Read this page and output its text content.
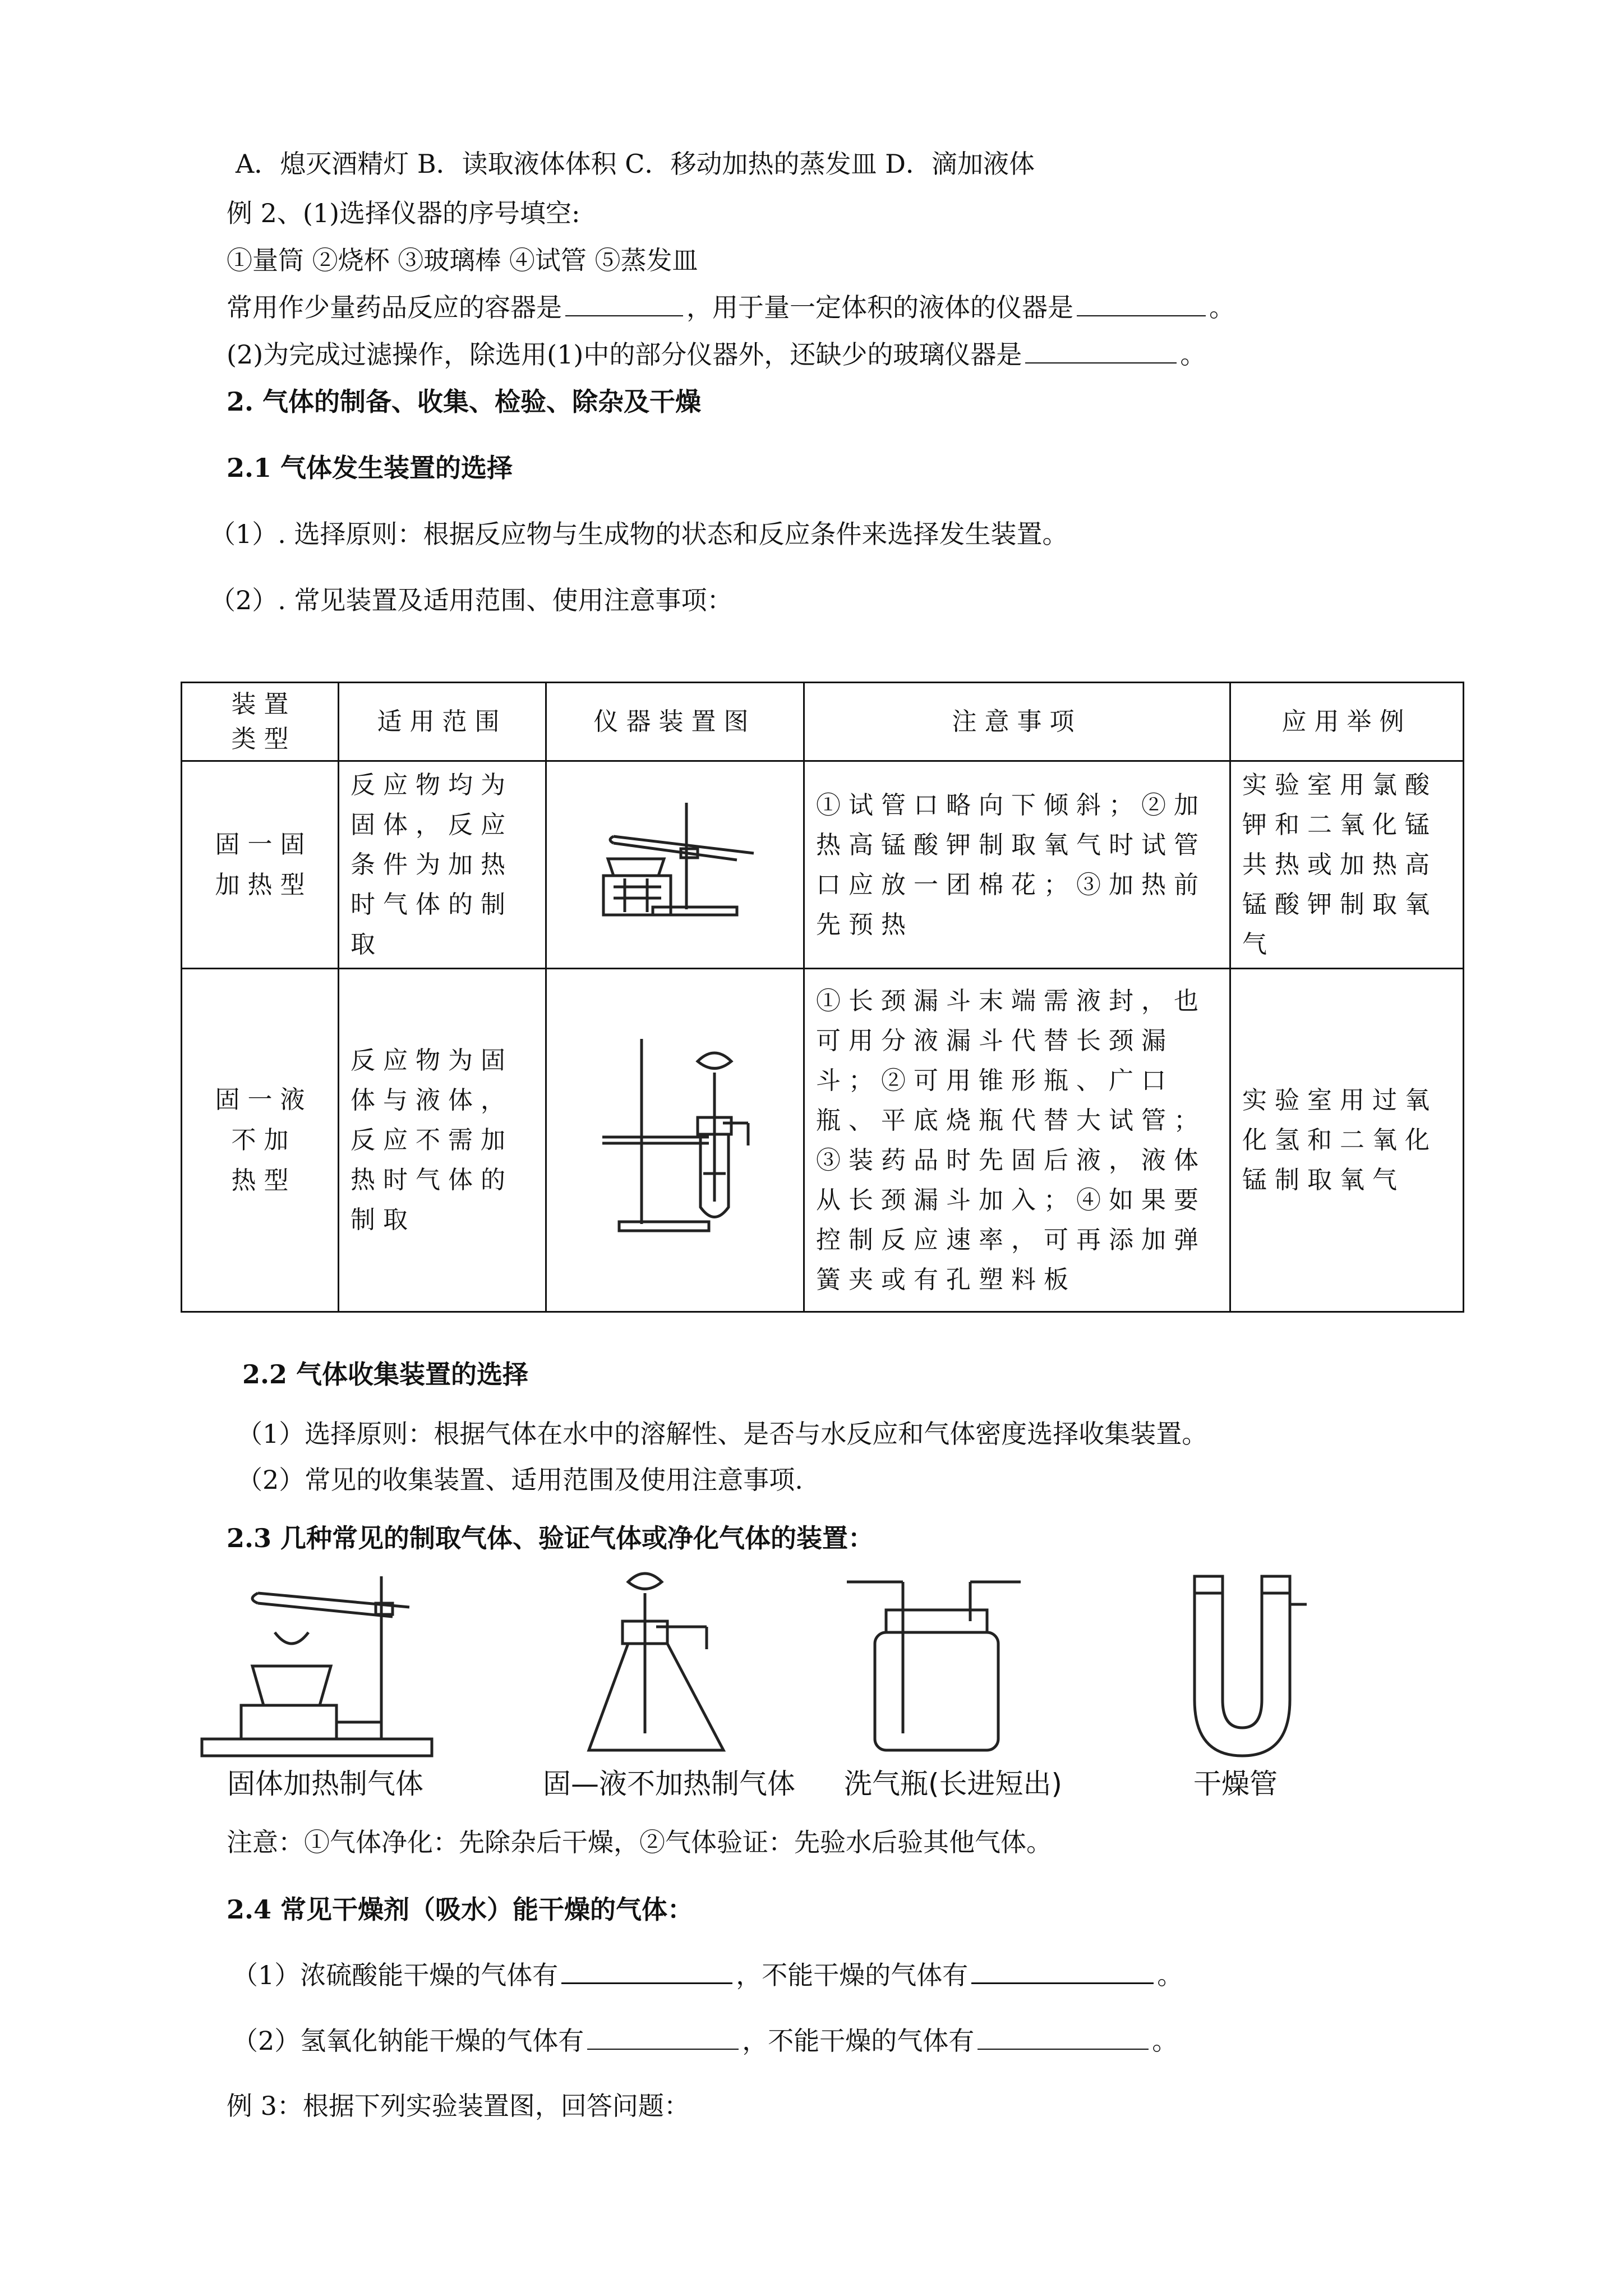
A．熄灭酒精灯 B．读取液体体积 C．移动加热的蒸发皿 D．滴加液体
例 2、(1)选择仪器的序号填空:
①量筒 ②烧杯 ③玻璃棒 ④试管 ⑤蒸发皿
常用作少量药品反应的容器是	，用于量一定体积的液体的仪器是	。
(2)为完成过滤操作，除选用(1)中的部分仪器外，还缺少的玻璃仪器是	。
2. 气体的制备、收集、检验、除杂及干燥
2.1 气体发生装置的选择
（1）. 选择原则：根据反应物与生成物的状态和反应条件来选择发生装置。
（2）. 常见装置及适用范围、使用注意事项：
装 置
类 型	适用范围	仪器装置图	注意事项	应用举例

固 一 固
加 热 型	反应物均为固体，反应条件为加热时气体的制取		①试管口略向下倾斜；②加热高锰酸钾制取氧气时试管口应放一团棉花；③加热前先预热	实验室用氯酸钾和二氧化锰共热或加热高锰酸钾制取氧气

固 一 液
不 加
热 型	反应物为固体与液体，反应不需加热时气体的制取		①长颈漏斗末端需液封，也可用分液漏斗代替长颈漏斗；②可用锥形瓶、广口瓶、平底烧瓶代替大试管；③装药品时先固后液，液体从长颈漏斗加入；④如果要控制反应速率，可再添加弹簧夹或有孔塑料板	实验室用过氧化氢和二氧化锰制取氧气
2.2 气体收集装置的选择
（1）选择原则：根据气体在水中的溶解性、是否与水反应和气体密度选择收集装置。
（2）常见的收集装置、适用范围及使用注意事项.
2.3 几种常见的制取气体、验证气体或净化气体的装置：
固体加热制气体	固—液不加热制气体 洗气瓶(长进短出)	干燥管
注意：①气体净化：先除杂后干燥，②气体验证：先验水后验其他气体。
2.4 常见干燥剂（吸水）能干燥的气体：
（1）浓硫酸能干燥的气体有	，不能干燥的气体有	。
（2）氢氧化钠能干燥的气体有	，不能干燥的气体有	。
例 3：根据下列实验装置图，回答问题：
